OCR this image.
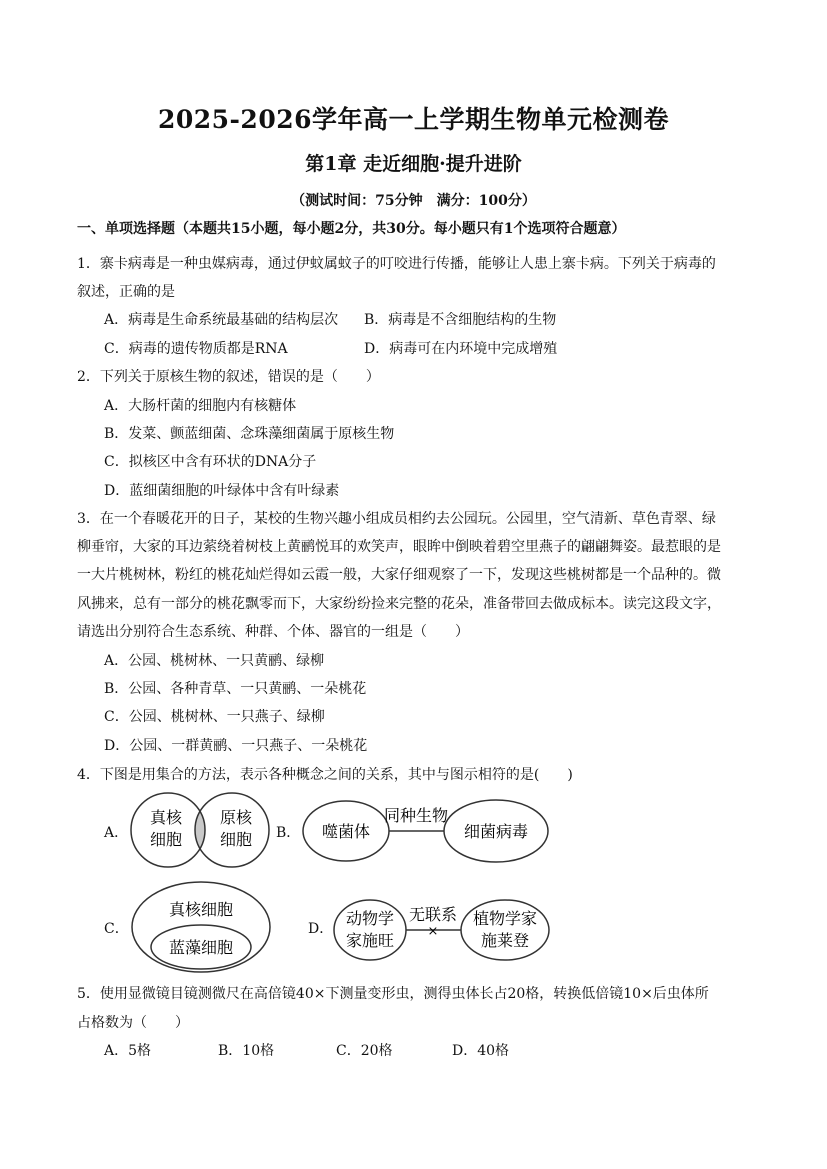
2025-2026学年高一上学期生物单元检测卷
第1章 走近细胞·提升进阶
（测试时间：75分钟　满分：100分）
一、单项选择题（本题共15小题，每小题2分，共30分。每小题只有1个选项符合题意）
1．寨卡病毒是一种虫媒病毒，通过伊蚊属蚊子的叮咬进行传播，能够让人患上寨卡病。下列关于病毒的
叙述，正确的是
A．病毒是生命系统最基础的结构层次 B．病毒是不含细胞结构的生物
C．病毒的遗传物质都是RNA	D．病毒可在内环境中完成增殖
2．下列关于原核生物的叙述，错误的是（　　）
A．大肠杆菌的细胞内有核糖体
B．发菜、颤蓝细菌、念珠藻细菌属于原核生物
C．拟核区中含有环状的DNA分子
D．蓝细菌细胞的叶绿体中含有叶绿素
3．在一个春暖花开的日子，某校的生物兴趣小组成员相约去公园玩。公园里，空气清新、草色青翠、绿
柳垂帘，大家的耳边萦绕着树枝上黄鹂悦耳的欢笑声，眼眸中倒映着碧空里燕子的翩翩舞姿。最惹眼的是
一大片桃树林，粉红的桃花灿烂得如云霞一般，大家仔细观察了一下，发现这些桃树都是一个品种的。微
风拂来，总有一部分的桃花飘零而下，大家纷纷捡来完整的花朵，准备带回去做成标本。读完这段文字，
请选出分别符合生态系统、种群、个体、器官的一组是（　　）
A．公园、桃树林、一只黄鹂、绿柳
B．公园、各种青草、一只黄鹂、一朵桃花
C．公园、桃树林、一只燕子、绿柳
D．公园、一群黄鹂、一只燕子、一朵桃花
4．下图是用集合的方法，表示各种概念之间的关系，其中与图示相符的是(　　)
A．	B．
C．	D．
真核
细胞
原核
细胞	噬菌体
同种生物
细菌病毒
真核细胞
蓝藻细胞
×
动物学
家施旺
无联系 植物学家
施莱登
5．使用显微镜目镜测微尺在高倍镜40×下测量变形虫，测得虫体长占20格，转换低倍镜10×后虫体所
占格数为（　　）
A．5格	B．10格	C．20格	D．40格
